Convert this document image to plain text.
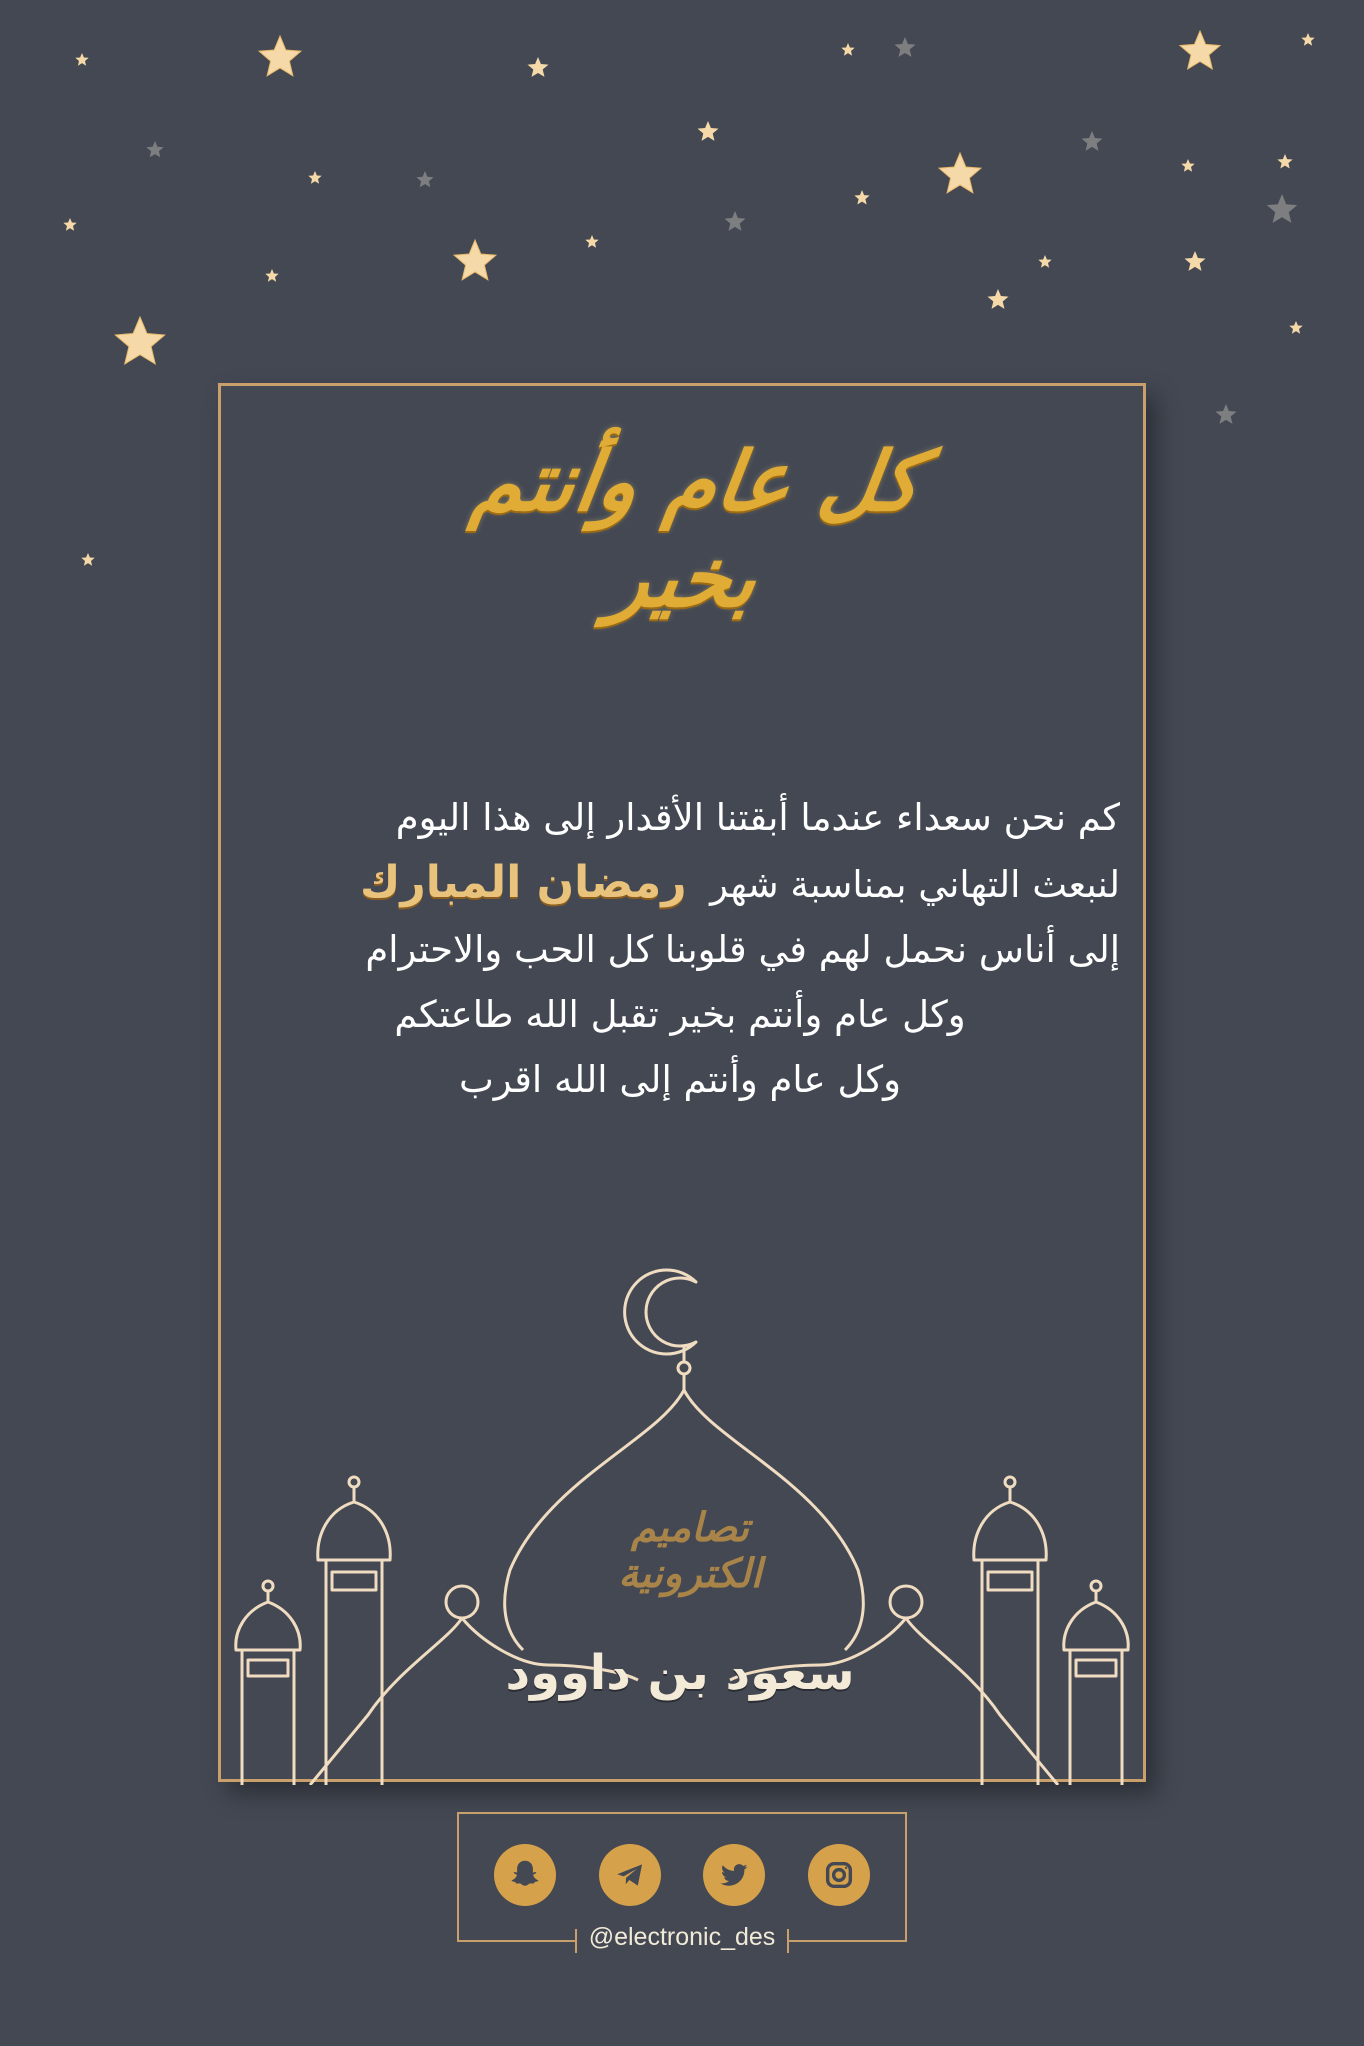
كل عام وأنتم بخير
كم نحن سعداء عندما أبقتنا الأقدار إلى هذا اليوم
لنبعث التهاني بمناسبة شهر  رمضان المبارك
إلى أناس نحمل لهم في قلوبنا كل الحب والاحترام
وكل عام وأنتم بخير تقبل الله طاعتكم
وكل عام وأنتم إلى الله اقرب
تصاميم
الكترونية
سعود بن داوود
@electronic_des
